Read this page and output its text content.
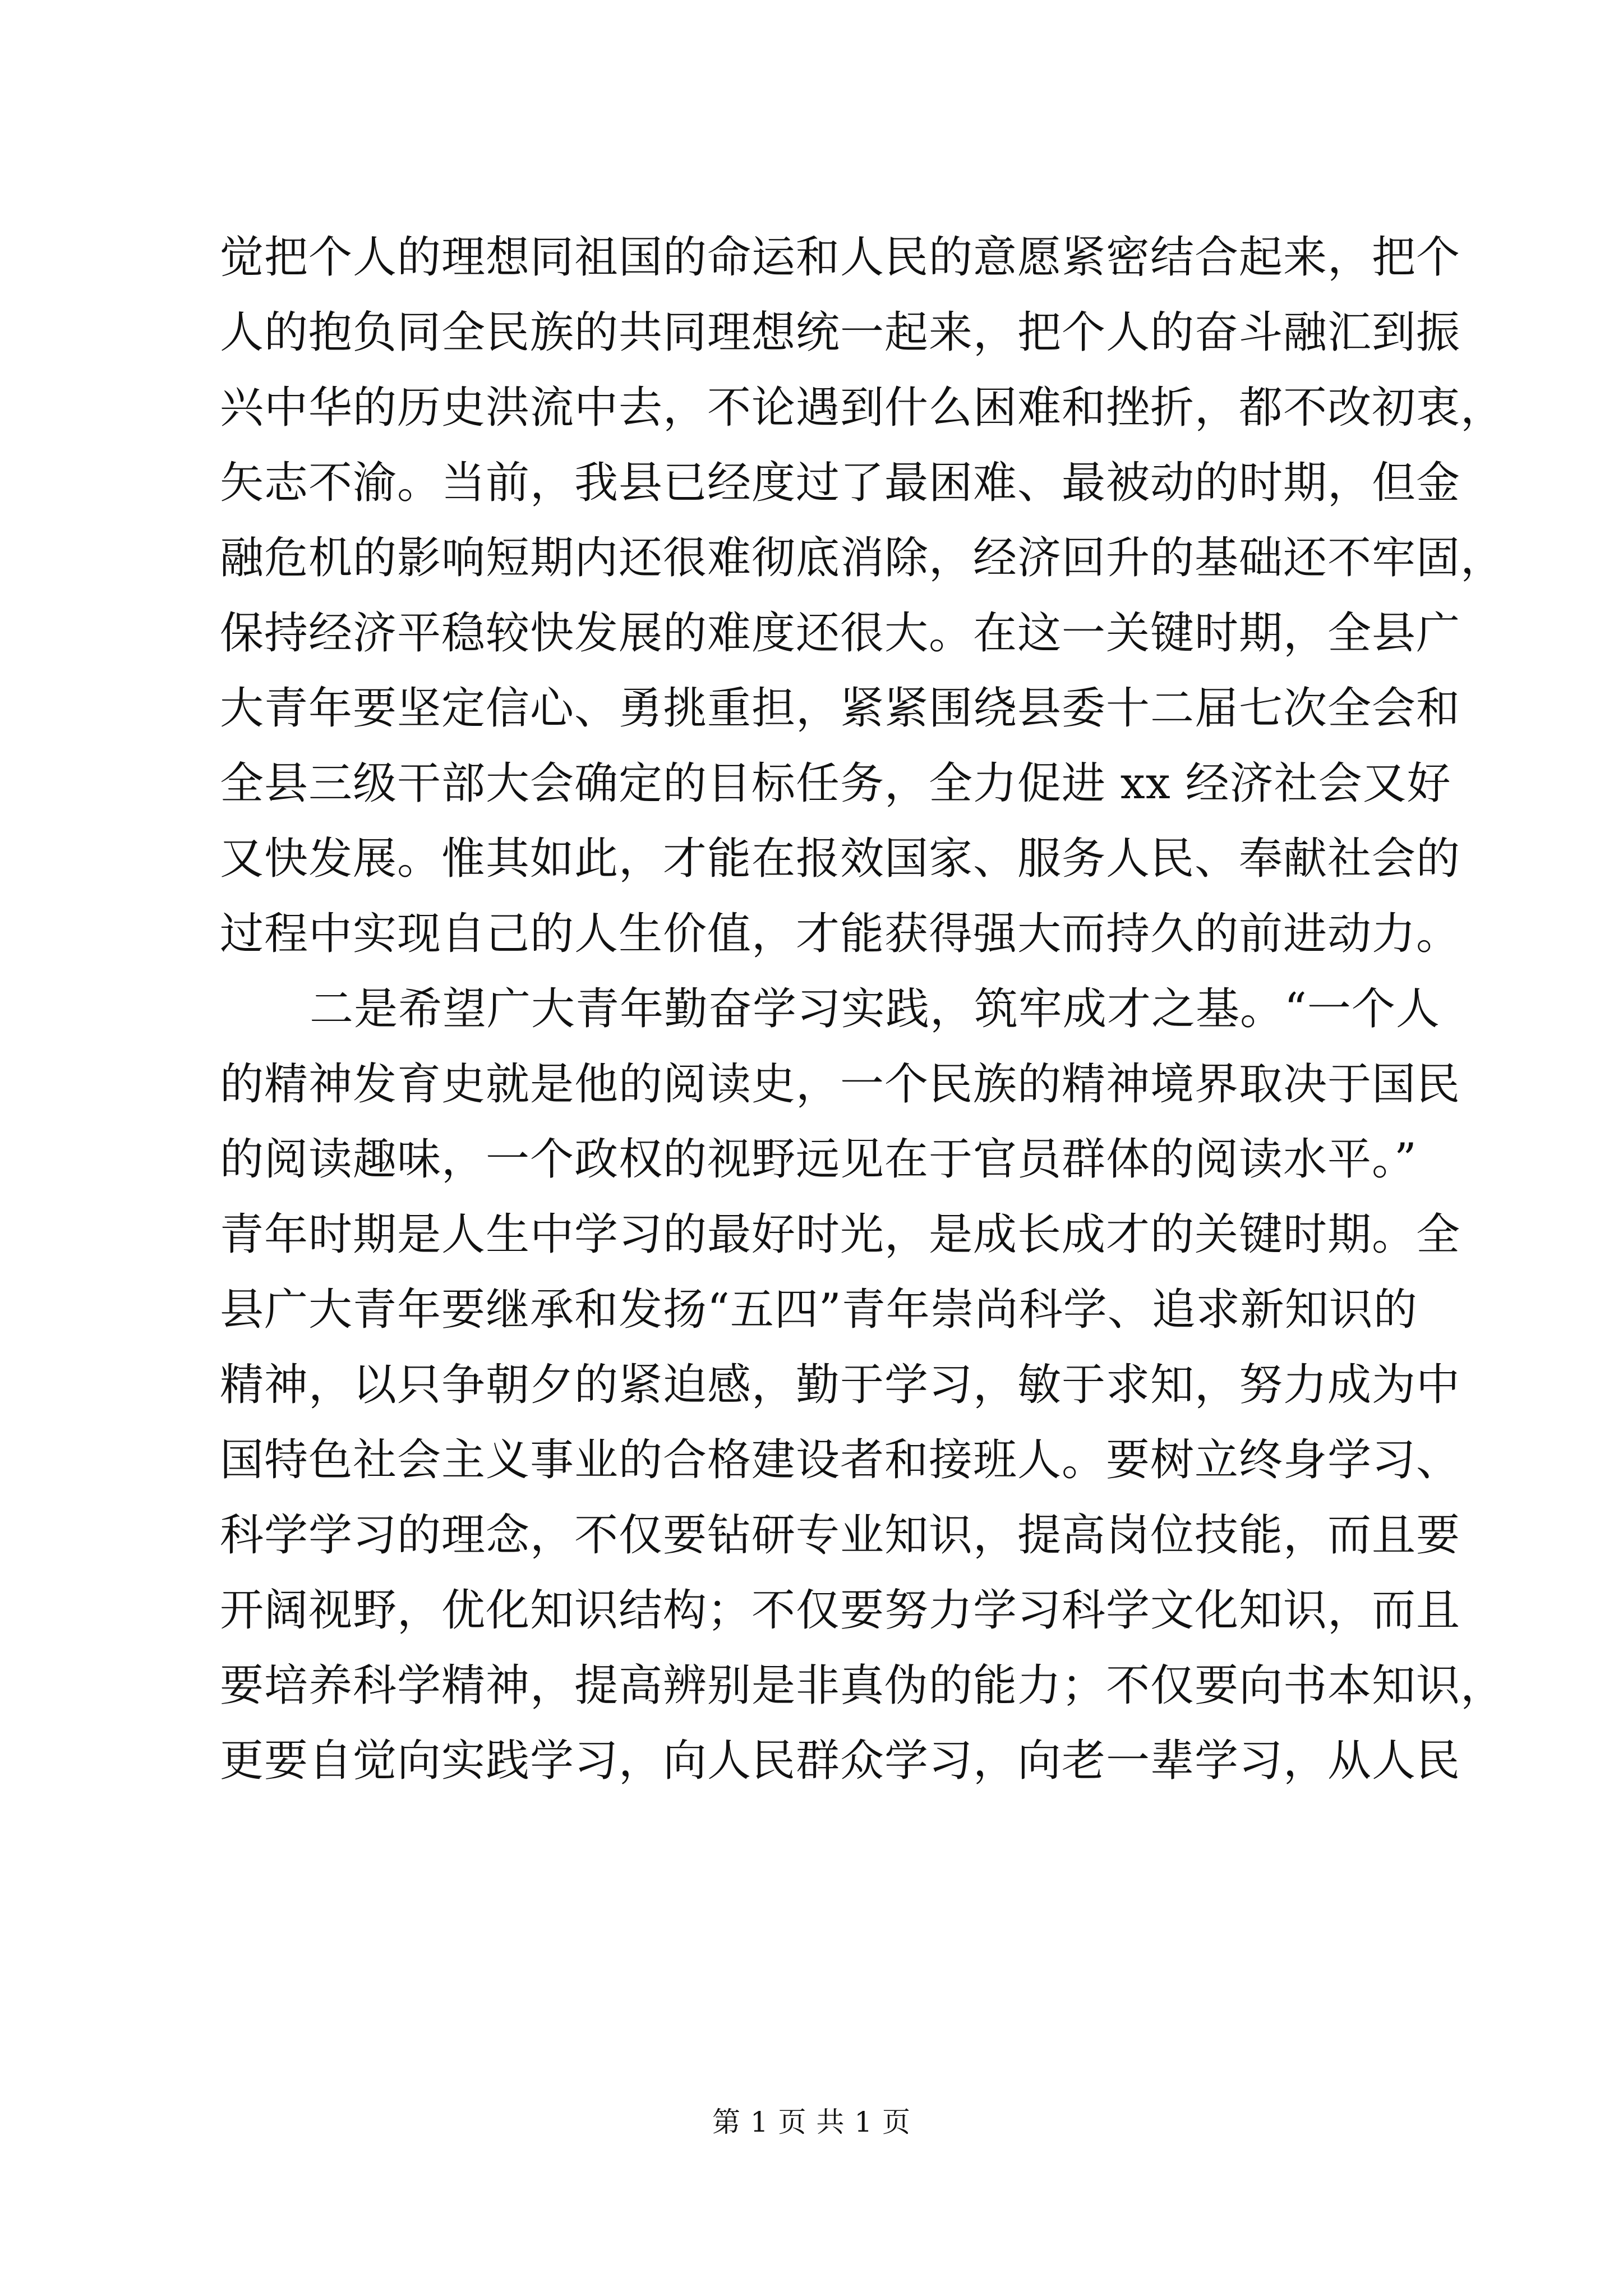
觉把个人的理想同祖国的命运和人民的意愿紧密结合起来，把个
人的抱负同全民族的共同理想统一起来，把个人的奋斗融汇到振
兴中华的历史洪流中去，不论遇到什么困难和挫折，都不改初衷，
矢志不渝。当前，我县已经度过了最困难、最被动的时期，但金
融危机的影响短期内还很难彻底消除，经济回升的基础还不牢固，
保持经济平稳较快发展的难度还很大。在这一关键时期，全县广
大青年要坚定信心、勇挑重担，紧紧围绕县委十二届七次全会和
全县三级干部大会确定的目标任务，全力促进 xx 经济社会又好
又快发展。惟其如此，才能在报效国家、服务人民、奉献社会的
过程中实现自己的人生价值，才能获得强大而持久的前进动力。
二是希望广大青年勤奋学习实践，筑牢成才之基。“一个人
的精神发育史就是他的阅读史，一个民族的精神境界取决于国民
的阅读趣味，一个政权的视野远见在于官员群体的阅读水平。”
青年时期是人生中学习的最好时光，是成长成才的关键时期。全
县广大青年要继承和发扬“五四”青年崇尚科学、追求新知识的
精神，以只争朝夕的紧迫感，勤于学习，敏于求知，努力成为中
国特色社会主义事业的合格建设者和接班人。要树立终身学习、
科学学习的理念，不仅要钻研专业知识，提高岗位技能，而且要
开阔视野，优化知识结构；不仅要努力学习科学文化知识，而且
要培养科学精神，提高辨别是非真伪的能力；不仅要向书本知识，
更要自觉向实践学习，向人民群众学习，向老一辈学习，从人民
第 1 页 共 1 页
